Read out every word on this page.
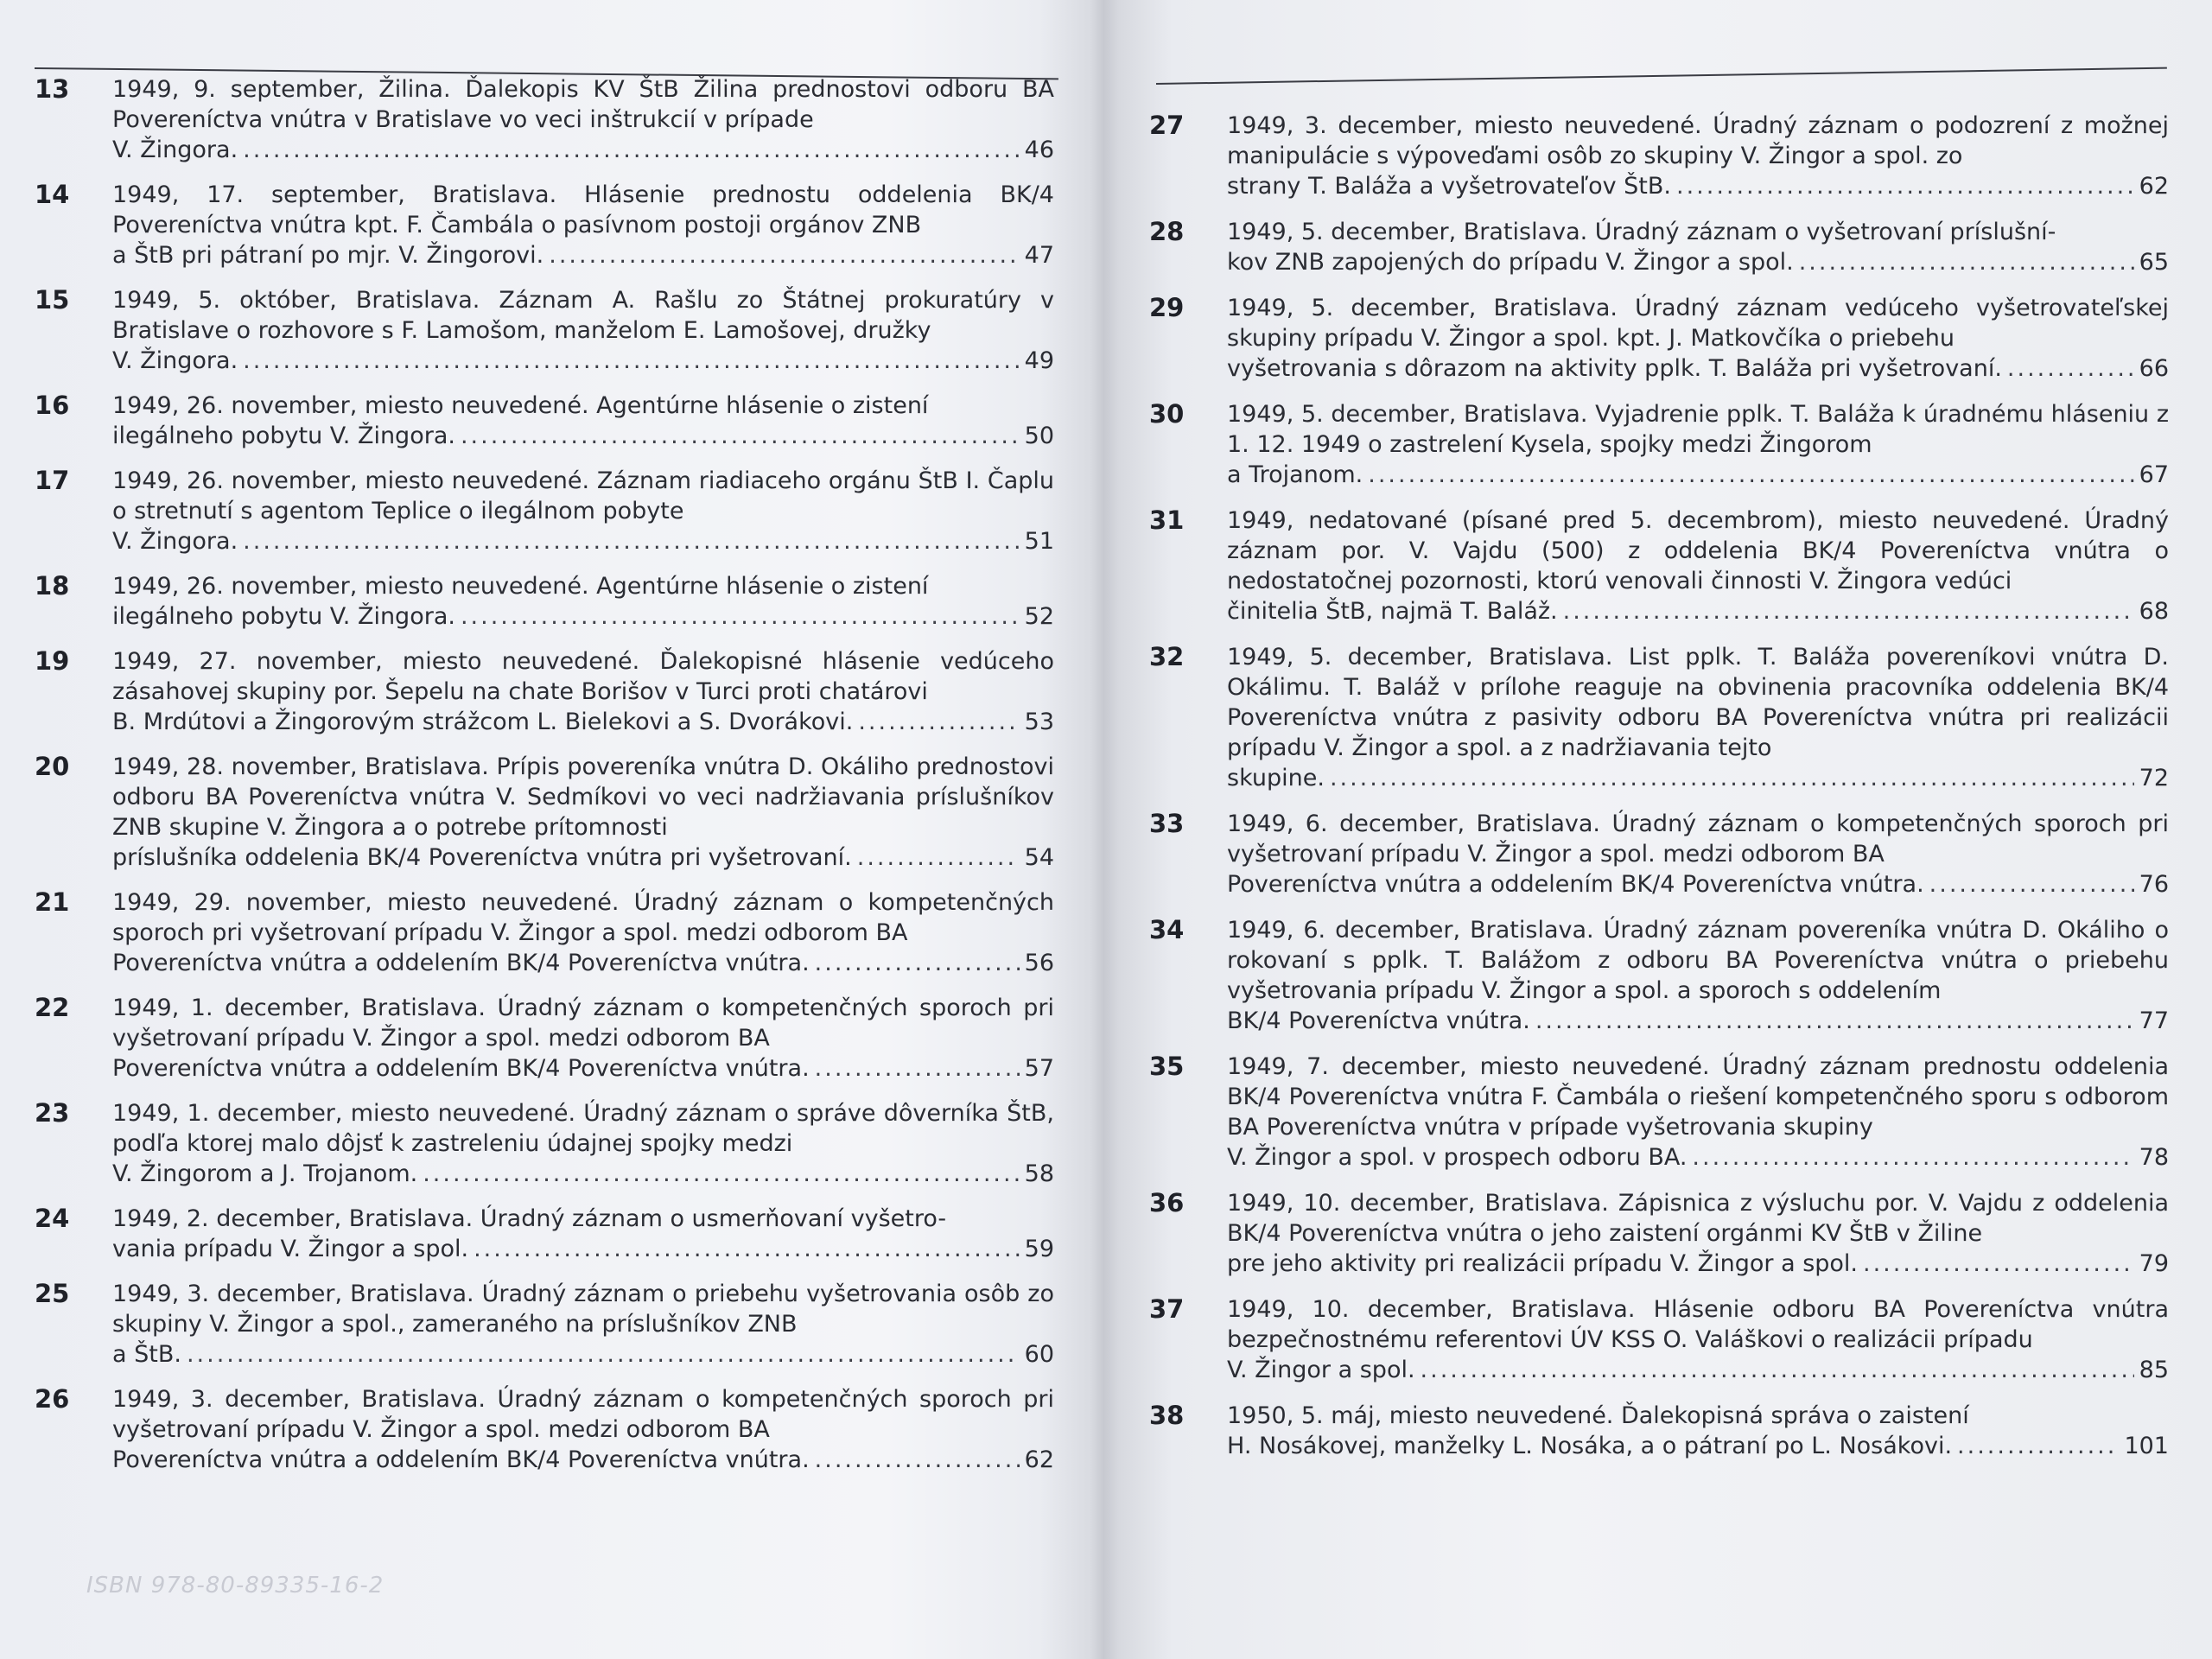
13	1949, 9. september, Žilina. Ďalekopis KV ŠtB Žilina prednostovi odboru BA Povereníctva vnútra v Bratislave vo veci inštrukcií v prípade
V. Žingora. .....	46
14	1949, 17. september, Bratislava. Hlásenie prednostu oddelenia BK/4 Povereníctva vnútra kpt. F. Čambála o pasívnom postoji orgánov ZNB
a ŠtB pri pátraní po mjr. V. Žingorovi. .....	47
15	1949, 5. október, Bratislava. Záznam A. Rašlu zo Štátnej prokuratúry v Bratislave o rozhovore s F. Lamošom, manželom E. Lamošovej, družky
V. Žingora. .....	49
16	1949, 26. november, miesto neuvedené. Agentúrne hlásenie o zistení
ilegálneho pobytu V. Žingora. .....	50
17	1949, 26. november, miesto neuvedené. Záznam riadiaceho orgánu ŠtB I. Čaplu o stretnutí s agentom Teplice o ilegálnom pobyte
V. Žingora. .....	51
18	1949, 26. november, miesto neuvedené. Agentúrne hlásenie o zistení
ilegálneho pobytu V. Žingora. .....	52
19	1949, 27. november, miesto neuvedené. Ďalekopisné hlásenie vedúceho zásahovej skupiny por. Šepelu na chate Borišov v Turci proti chatárovi
B. Mrdútovi a Žingorovým strážcom L. Bielekovi a S. Dvorákovi. .....	53
20	1949, 28. november, Bratislava. Prípis povereníka vnútra D. Okáliho prednostovi odboru BA Povereníctva vnútra V. Sedmíkovi vo veci nadržiavania príslušníkov ZNB skupine V. Žingora a o potrebe prítomnosti
príslušníka oddelenia BK/4 Povereníctva vnútra pri vyšetrovaní. .....	54
21	1949, 29. november, miesto neuvedené. Úradný záznam o kompetenčných sporoch pri vyšetrovaní prípadu V. Žingor a spol. medzi odborom BA
Povereníctva vnútra a oddelením BK/4 Povereníctva vnútra. .....	56
22	1949, 1. december, Bratislava. Úradný záznam o kompetenčných sporoch pri vyšetrovaní prípadu V. Žingor a spol. medzi odborom BA
Povereníctva vnútra a oddelením BK/4 Povereníctva vnútra. .....	57
23	1949, 1. december, miesto neuvedené. Úradný záznam o správe dôverníka ŠtB, podľa ktorej malo dôjsť k zastreleniu údajnej spojky medzi
V. Žingorom a J. Trojanom. .....	58
24	1949, 2. december, Bratislava. Úradný záznam o usmerňovaní vyšetro-
vania prípadu V. Žingor a spol. .....	59
25	1949, 3. december, Bratislava. Úradný záznam o priebehu vyšetrovania osôb zo skupiny V. Žingor a spol., zameraného na príslušníkov ZNB
a ŠtB. .....	60
26	1949, 3. december, Bratislava. Úradný záznam o kompetenčných sporoch pri vyšetrovaní prípadu V. Žingor a spol. medzi odborom BA
Povereníctva vnútra a oddelením BK/4 Povereníctva vnútra. .....	62
ISBN 978-80-89335-16-2
27	1949, 3. december, miesto neuvedené. Úradný záznam o podozrení z možnej manipulácie s výpoveďami osôb zo skupiny V. Žingor a spol. zo
strany T. Baláža a vyšetrovateľov ŠtB. .....	62
28	1949, 5. december, Bratislava. Úradný záznam o vyšetrovaní príslušní-
kov ZNB zapojených do prípadu V. Žingor a spol. .....	65
29	1949, 5. december, Bratislava. Úradný záznam vedúceho vyšetrovateľskej skupiny prípadu V. Žingor a spol. kpt. J. Matkovčíka o priebehu
vyšetrovania s dôrazom na aktivity pplk. T. Baláža pri vyšetrovaní. .....	66
30	1949, 5. december, Bratislava. Vyjadrenie pplk. T. Baláža k úradnému hláseniu z 1. 12. 1949 o zastrelení Kysela, spojky medzi Žingorom
a Trojanom. .....	67
31	1949, nedatované (písané pred 5. decembrom), miesto neuvedené. Úradný záznam por. V. Vajdu (500) z oddelenia BK/4 Povereníctva vnútra o nedostatočnej pozornosti, ktorú venovali činnosti V. Žingora vedúci
činitelia ŠtB, najmä T. Baláž. .....	68
32	1949, 5. december, Bratislava. List pplk. T. Baláža povereníkovi vnútra D. Okálimu. T. Baláž v prílohe reaguje na obvinenia pracovníka oddelenia BK/4 Povereníctva vnútra z pasivity odboru BA Povereníctva vnútra pri realizácii prípadu V. Žingor a spol. a z nadržiavania tejto
skupine. .....	72
33	1949, 6. december, Bratislava. Úradný záznam o kompetenčných sporoch pri vyšetrovaní prípadu V. Žingor a spol. medzi odborom BA
Povereníctva vnútra a oddelením BK/4 Povereníctva vnútra. .....	76
34	1949, 6. december, Bratislava. Úradný záznam povereníka vnútra D. Okáliho o rokovaní s pplk. T. Balážom z odboru BA Povereníctva vnútra o priebehu vyšetrovania prípadu V. Žingor a spol. a sporoch s oddelením
BK/4 Povereníctva vnútra. .....	77
35	1949, 7. december, miesto neuvedené. Úradný záznam prednostu oddelenia BK/4 Povereníctva vnútra F. Čambála o riešení kompetenčného sporu s odborom BA Povereníctva vnútra v prípade vyšetrovania skupiny
V. Žingor a spol. v prospech odboru BA. .....	78
36	1949, 10. december, Bratislava. Zápisnica z výsluchu por. V. Vajdu z oddelenia BK/4 Povereníctva vnútra o jeho zaistení orgánmi KV ŠtB v Žiline
pre jeho aktivity pri realizácii prípadu V. Žingor a spol. .....	79
37	1949, 10. december, Bratislava. Hlásenie odboru BA Povereníctva vnútra bezpečnostnému referentovi ÚV KSS O. Valáškovi o realizácii prípadu
V. Žingor a spol. .....	85
38	1950, 5. máj, miesto neuvedené. Ďalekopisná správa o zaistení
H. Nosákovej, manželky L. Nosáka, a o pátraní po L. Nosákovi. .....	101
